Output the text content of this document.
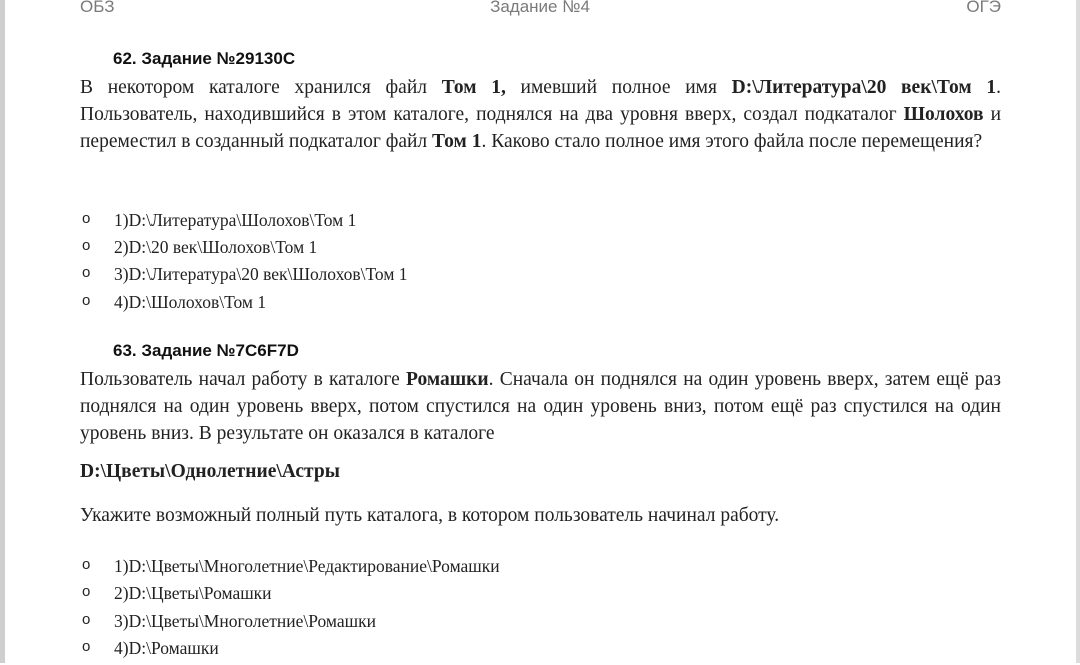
ОБЗ	Задание №4	ОГЭ
62. Задание №29130C

В некотором каталоге хранился файл Том 1, имевший полное имя D:\Литература\20 век\Том 1. Пользователь, находившийся в этом каталоге, поднялся на два уровня вверх, создал подкаталог Шолохов и переместил в созданный подкаталог файл Том 1. Каково стало полное имя этого файла после перемещения?

o 1)D:\Литература\Шолохов\Том 1
o 2)D:\20 век\Шолохов\Том 1
o 3)D:\Литература\20 век\Шолохов\Том 1
o 4)D:\Шолохов\Том 1
63. Задание №7C6F7D

Пользователь начал работу в каталоге Ромашки. Сначала он поднялся на один уровень вверх, затем ещё раз поднялся на один уровень вверх, потом спустился на один уровень вниз, потом ещё раз спустился на один уровень вниз. В результате он оказался в каталоге

D:\Цветы\Однолетние\Астры
Укажите возможный полный путь каталога, в котором пользователь начинал работу.
o 1)D:\Цветы\Многолетние\Редактирование\Ромашки
o 2)D:\Цветы\Ромашки
o 3)D:\Цветы\Многолетние\Ромашки
o 4)D:\Ромашки
